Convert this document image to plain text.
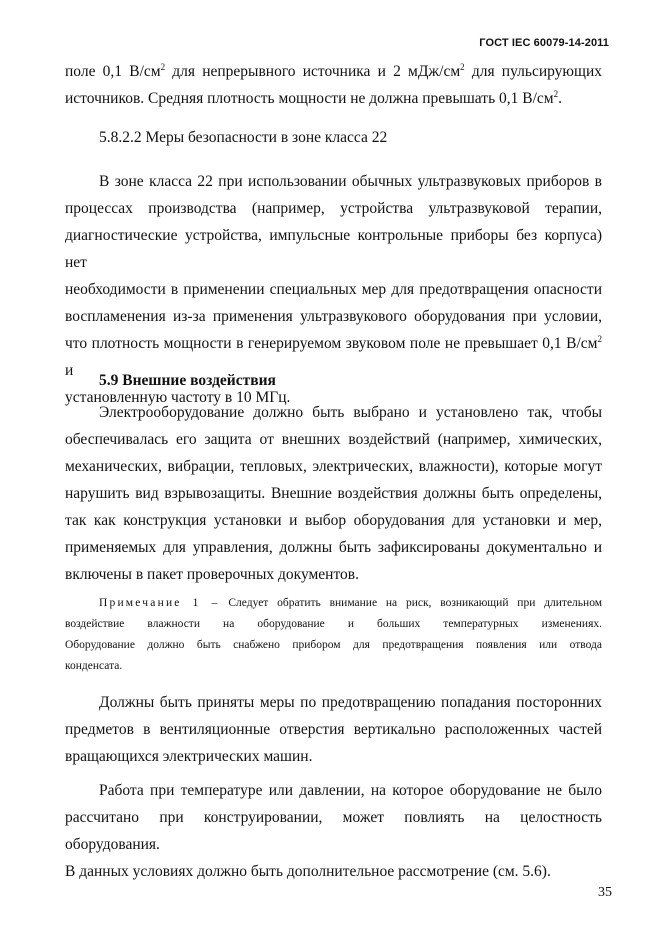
ГОСТ IEC 60079-14-2011
поле 0,1 $В/см^2$ для непрерывного источника и 2 мДж/$см^2$ для пульсирующих
источников. Средняя плотность мощности не должна превышать 0,1 $В/см^2$.
5.8.2.2 Меры безопасности в зоне класса 22
В зоне класса 22 при использовании обычных ультразвуковых приборов в
процессах производства (например, устройства ультразвуковой терапии,
диагностические устройства, импульсные контрольные приборы без корпуса) нет
необходимости в применении специальных мер для предотвращения опасности
воспламенения из-за применения ультразвукового оборудования при условии,
что плотность мощности в генерируемом звуковом поле не превышает 0,1 $В/см^2$ и
установленную частоту в 10 МГц.
5.9 Внешние воздействия
Электрооборудование должно быть выбрано и установлено так, чтобы
обеспечивалась его защита от внешних воздействий (например, химических,
механических, вибрации, тепловых, электрических, влажности), которые могут
нарушить вид взрывозащиты. Внешние воздействия должны быть определены,
так как конструкция установки и выбор оборудования для установки и мер,
применяемых для управления, должны быть зафиксированы документально и
включены в пакет проверочных документов.
Примечание 1 – Следует обратить внимание на риск, возникающий при длительном
воздействие влажности на оборудование и больших температурных изменениях.
Оборудование должно быть снабжено прибором для предотвращения появления или отвода
конденсата.
Должны быть приняты меры по предотвращению попадания посторонних
предметов в вентиляционные отверстия вертикально расположенных частей
вращающихся электрических машин.
Работа при температуре или давлении, на которое оборудование не было
рассчитано при конструировании, может повлиять на целостность оборудования.
В данных условиях должно быть дополнительное рассмотрение (см. 5.6).
35
